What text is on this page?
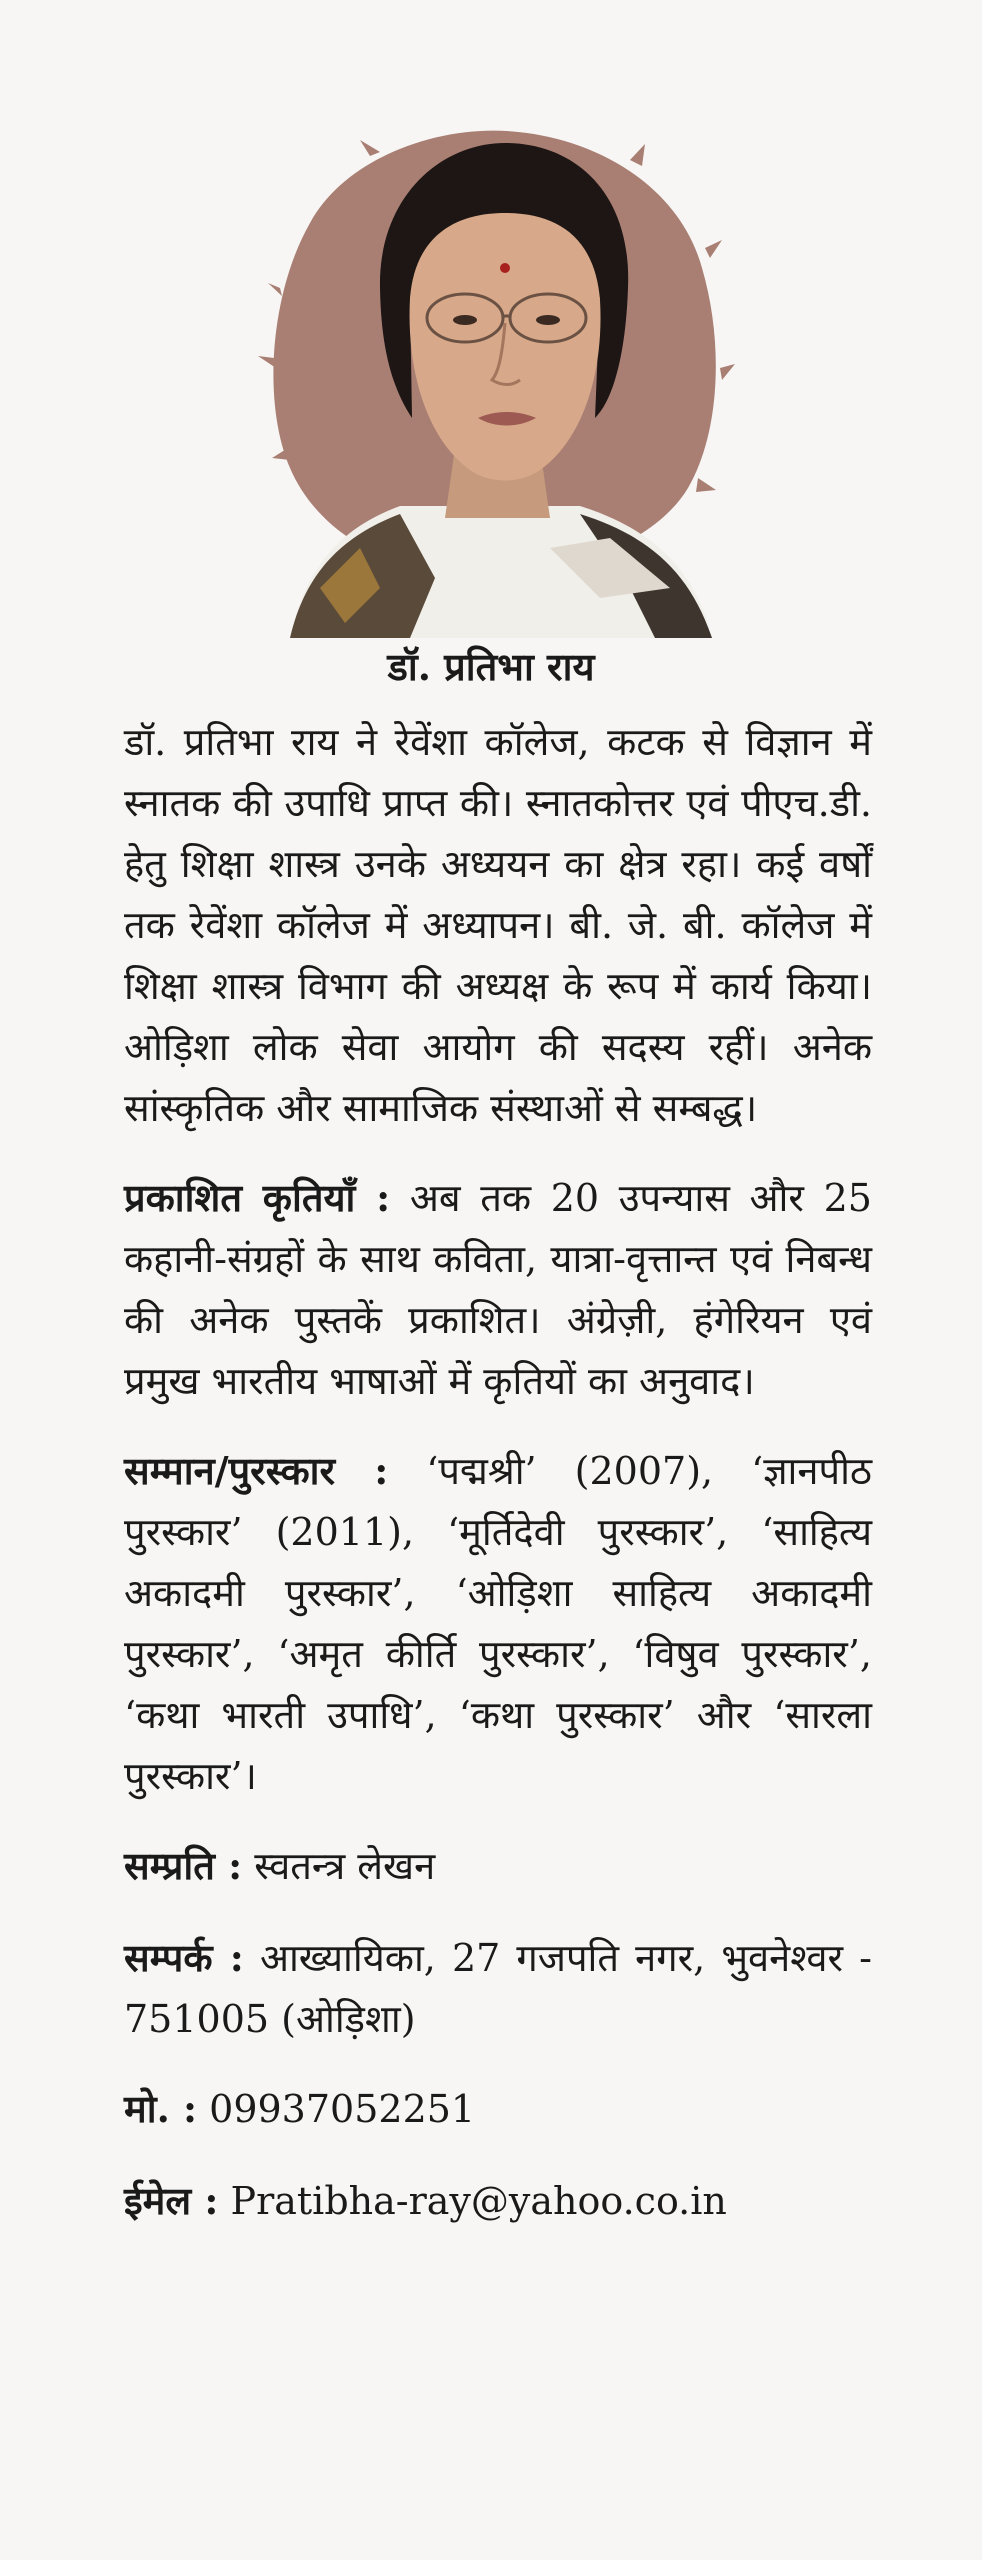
डॉ. प्रतिभा राय

डॉ. प्रतिभा राय ने रेवेंशा कॉलेज, कटक से विज्ञान में स्नातक की उपाधि प्राप्त की। स्नातकोत्तर एवं पीएच.डी. हेतु शिक्षा शास्त्र उनके अध्ययन का क्षेत्र रहा। कई वर्षों तक रेवेंशा कॉलेज में अध्यापन। बी. जे. बी. कॉलेज में शिक्षा शास्त्र विभाग की अध्यक्ष के रूप में कार्य किया। ओड़िशा लोक सेवा आयोग की सदस्य रहीं। अनेक सांस्कृतिक और सामाजिक संस्थाओं से सम्बद्ध।

प्रकाशित कृतियाँ : अब तक 20 उपन्यास और 25 कहानी-संग्रहों के साथ कविता, यात्रा-वृत्तान्त एवं निबन्ध की अनेक पुस्तकें प्रकाशित। अंग्रेज़ी, हंगेरियन एवं प्रमुख भारतीय भाषाओं में कृतियों का अनुवाद।

सम्मान/पुरस्कार : ‘पद्मश्री’ (2007), ‘ज्ञानपीठ पुरस्कार’ (2011), ‘मूर्तिदेवी पुरस्कार’, ‘साहित्य अकादमी पुरस्कार’, ‘ओड़िशा साहित्य अकादमी पुरस्कार’, ‘अमृत कीर्ति पुरस्कार’, ‘विषुव पुरस्कार’, ‘कथा भारती उपाधि’, ‘कथा पुरस्कार’ और ‘सारला पुरस्कार’।

सम्प्रति : स्वतन्त्र लेखन

सम्पर्क : आख्यायिका, 27 गजपति नगर, भुवनेश्वर - 751005 (ओड़िशा)

मो. : 09937052251

ईमेल : Pratibha-ray@yahoo.co.in
